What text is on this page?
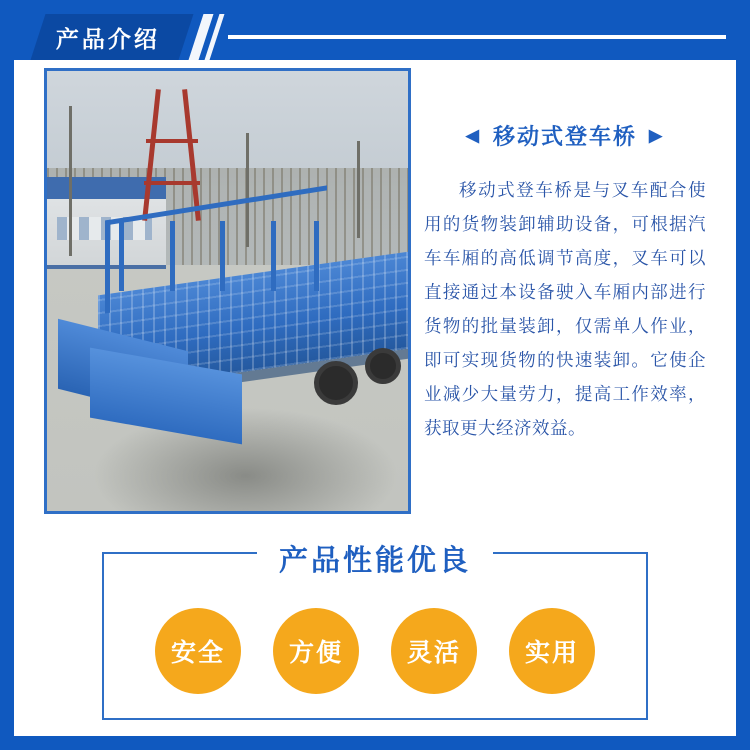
产品介绍
◀ 移动式登车桥 ▶
移动式登车桥是与叉车配合使用的货物装卸辅助设备，可根据汽车车厢的高低调节高度，叉车可以直接通过本设备驶入车厢内部进行货物的批量装卸，仅需单人作业，即可实现货物的快速装卸。它使企业减少大量劳力，提高工作效率，获取更大经济效益。
产品性能优良
安全	方便	灵活	实用
